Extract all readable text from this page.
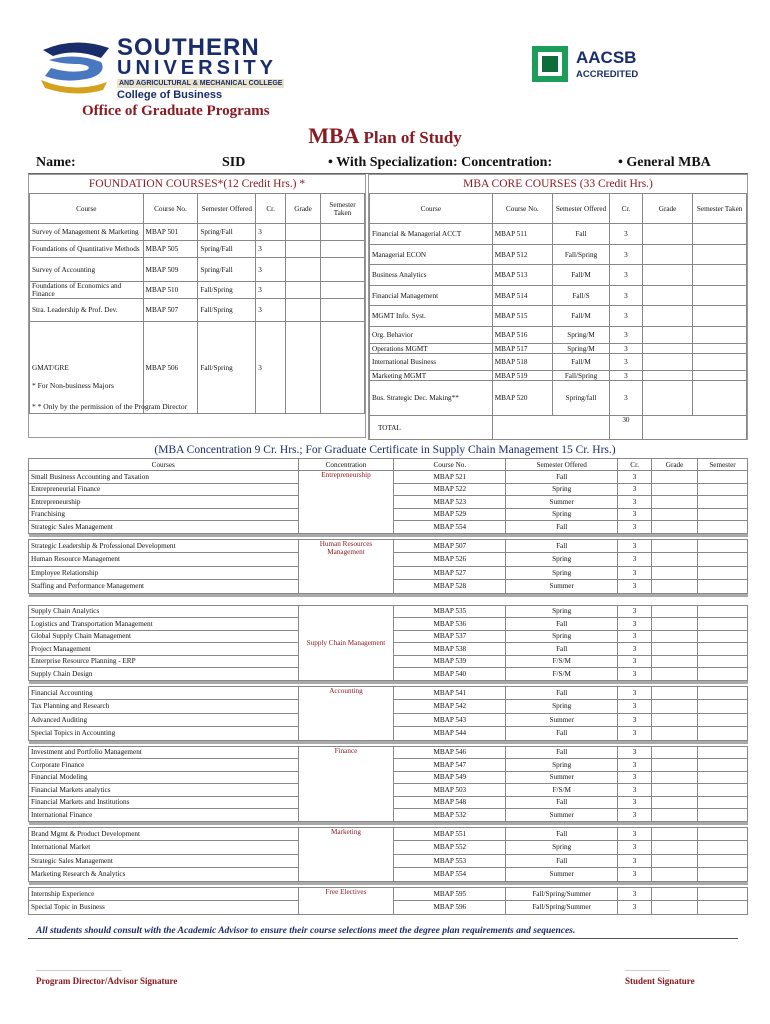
SOUTHERN
UNIVERSITY
AND AGRICULTURAL & MECHANICAL COLLEGE
College of Business
Office of Graduate Programs
AACSB
ACCREDITED
MBA Plan of Study
Name:	SID	• With Specialization: Concentration:	• General MBA
FOUNDATION COURSES*(12 Credit Hrs.) *
Course	Course No.	Semester Offered	Cr.	Grade	Semester Taken
Survey of Management & Marketing	MBAP 501	Spring/Fall	3		
Foundations of Quantitative Methods	MBAP 505	Spring/Fall	3		
Survey of Accounting	MBAP 509	Spring/Fall	3		
Foundations of Economics and Finance	MBAP 510	Fall/Spring	3		
Stra. Leadership & Prof. Dev.	MBAP 507	Fall/Spring	3		
GMAT/GRE	MBAP 506	Fall/Spring	3		
* For Non-business Majors
* * Only by the permission of the Program Director
MBA CORE COURSES (33 Credit Hrs.)
Course	Course No.	Semester Offered	Cr.	Grade	Semester Taken
Financial & Managerial ACCT	MBAP 511	Fall	3		
Managerial ECON	MBAP 512	Fall/Spring	3		
Business Analytics	MBAP 513	Fall/M	3		
Financial Management	MBAP 514	Fall/S	3		
MGMT Info. Syst.	MBAP 515	Fall/M	3		
Org. Behavior	MBAP 516	Spring/M	3		
Operations MGMT	MBAP 517	Spring/M	3		
International Business	MBAP 518	Fall/M	3		
Marketing MGMT	MBAP 519	Fall/Spring	3		
Bus. Strategic Dec. Making**	MBAP 520	Spring/fall	3		
TOTAL			30		
(MBA Concentration 9 Cr. Hrs.; For Graduate Certificate in Supply Chain Management 15 Cr. Hrs.)
Courses	Concentration	Course No.	Semester Offered	Cr.	Grade	Semester
Small Business Accounting and Taxation	Entrepreneurship	MBAP 521	Fall	3		
Entrepreneurial Finance		MBAP 522	Spring	3		
Entrepreneurship		MBAP 523	Summer	3		
Franchising		MBAP 529	Spring	3		
Strategic Sales Management		MBAP 554	Fall	3		

Strategic Leadership & Professional Development	Human Resources Management	MBAP 507	Fall	3		
Human Resource Management		MBAP 526	Spring	3		
Employee Relationship		MBAP 527	Spring	3		
Staffing and Performance Management		MBAP 528	Summer	3		

Supply Chain Analytics	Supply Chain Management	MBAP 535	Spring	3		
Logistics and Transportation Management		MBAP 536	Fall	3		
Global Supply Chain Management		MBAP 537	Spring	3		
Project Management		MBAP 538	Fall	3		
Enterprise Resource Planning - ERP		MBAP 539	F/S/M	3		
Supply Chain Design		MBAP 540	F/S/M	3		

Financial Accounting	Accounting	MBAP 541	Fall	3		
Tax Planning and Research		MBAP 542	Spring	3		
Advanced Auditing		MBAP 543	Summer	3		
Special Topics in Accounting		MBAP 544	Fall	3		

Investment and Portfolio Management	Finance	MBAP 546	Fall	3		
Corporate Finance		MBAP 547	Spring	3		
Financial Modeling		MBAP 549	Summer	3		
Financial Markets analytics		MBAP 503	F/S/M	3		
Financial Markets and Institutions		MBAP 548	Fall	3		
International Finance		MBAP 532	Summer	3		

Brand Mgmt & Product Development	Marketing	MBAP 551	Fall	3		
International Market		MBAP 552	Spring	3		
Strategic Sales Management		MBAP 553	Fall	3		
Marketing Research & Analytics		MBAP 554	Summer	3		

Internship Experience	Free Electives	MBAP 595	Fall/Spring/Summer	3		
Special Topic in Business		MBAP 596	Fall/Spring/Summer	3		
All students should consult with the Academic Advisor to ensure their course selections meet the degree plan requirements and sequences.
___________________
Program Director/Advisor Signature
__________
Student Signature
